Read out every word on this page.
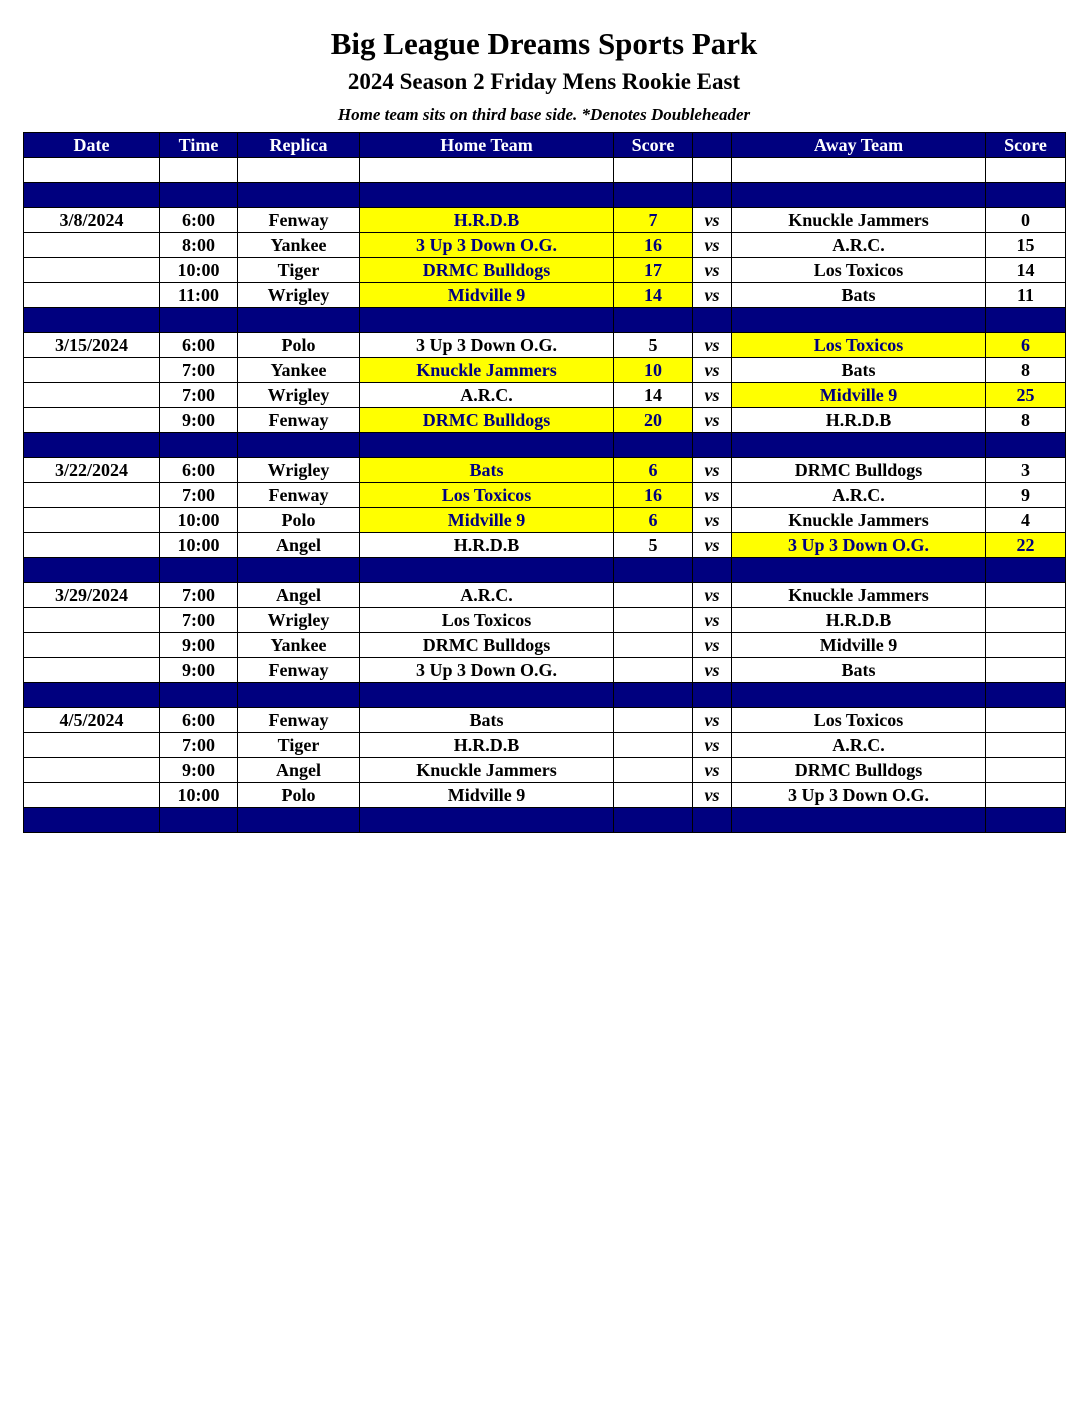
Big League Dreams Sports Park
2024 Season 2 Friday Mens Rookie East
Home team sits on third base side. *Denotes Doubleheader
Date	Time	Replica	Home Team	Score		Away Team	Score

3/8/2024	6:00	Fenway	H.R.D.B	7	vs	Knuckle Jammers	0
	8:00	Yankee	3 Up 3 Down O.G.	16	vs	A.R.C.	15
	10:00	Tiger	DRMC Bulldogs	17	vs	Los Toxicos	14
	11:00	Wrigley	Midville 9	14	vs	Bats	11

3/15/2024	6:00	Polo	3 Up 3 Down O.G.	5	vs	Los Toxicos	6
	7:00	Yankee	Knuckle Jammers	10	vs	Bats	8
	7:00	Wrigley	A.R.C.	14	vs	Midville 9	25
	9:00	Fenway	DRMC Bulldogs	20	vs	H.R.D.B	8

3/22/2024	6:00	Wrigley	Bats	6	vs	DRMC Bulldogs	3
	7:00	Fenway	Los Toxicos	16	vs	A.R.C.	9
	10:00	Polo	Midville 9	6	vs	Knuckle Jammers	4
	10:00	Angel	H.R.D.B	5	vs	3 Up 3 Down O.G.	22

3/29/2024	7:00	Angel	A.R.C.		vs	Knuckle Jammers	
	7:00	Wrigley	Los Toxicos		vs	H.R.D.B	
	9:00	Yankee	DRMC Bulldogs		vs	Midville 9	
	9:00	Fenway	3 Up 3 Down O.G.		vs	Bats	

4/5/2024	6:00	Fenway	Bats		vs	Los Toxicos	
	7:00	Tiger	H.R.D.B		vs	A.R.C.	
	9:00	Angel	Knuckle Jammers		vs	DRMC Bulldogs	
	10:00	Polo	Midville 9		vs	3 Up 3 Down O.G.	
